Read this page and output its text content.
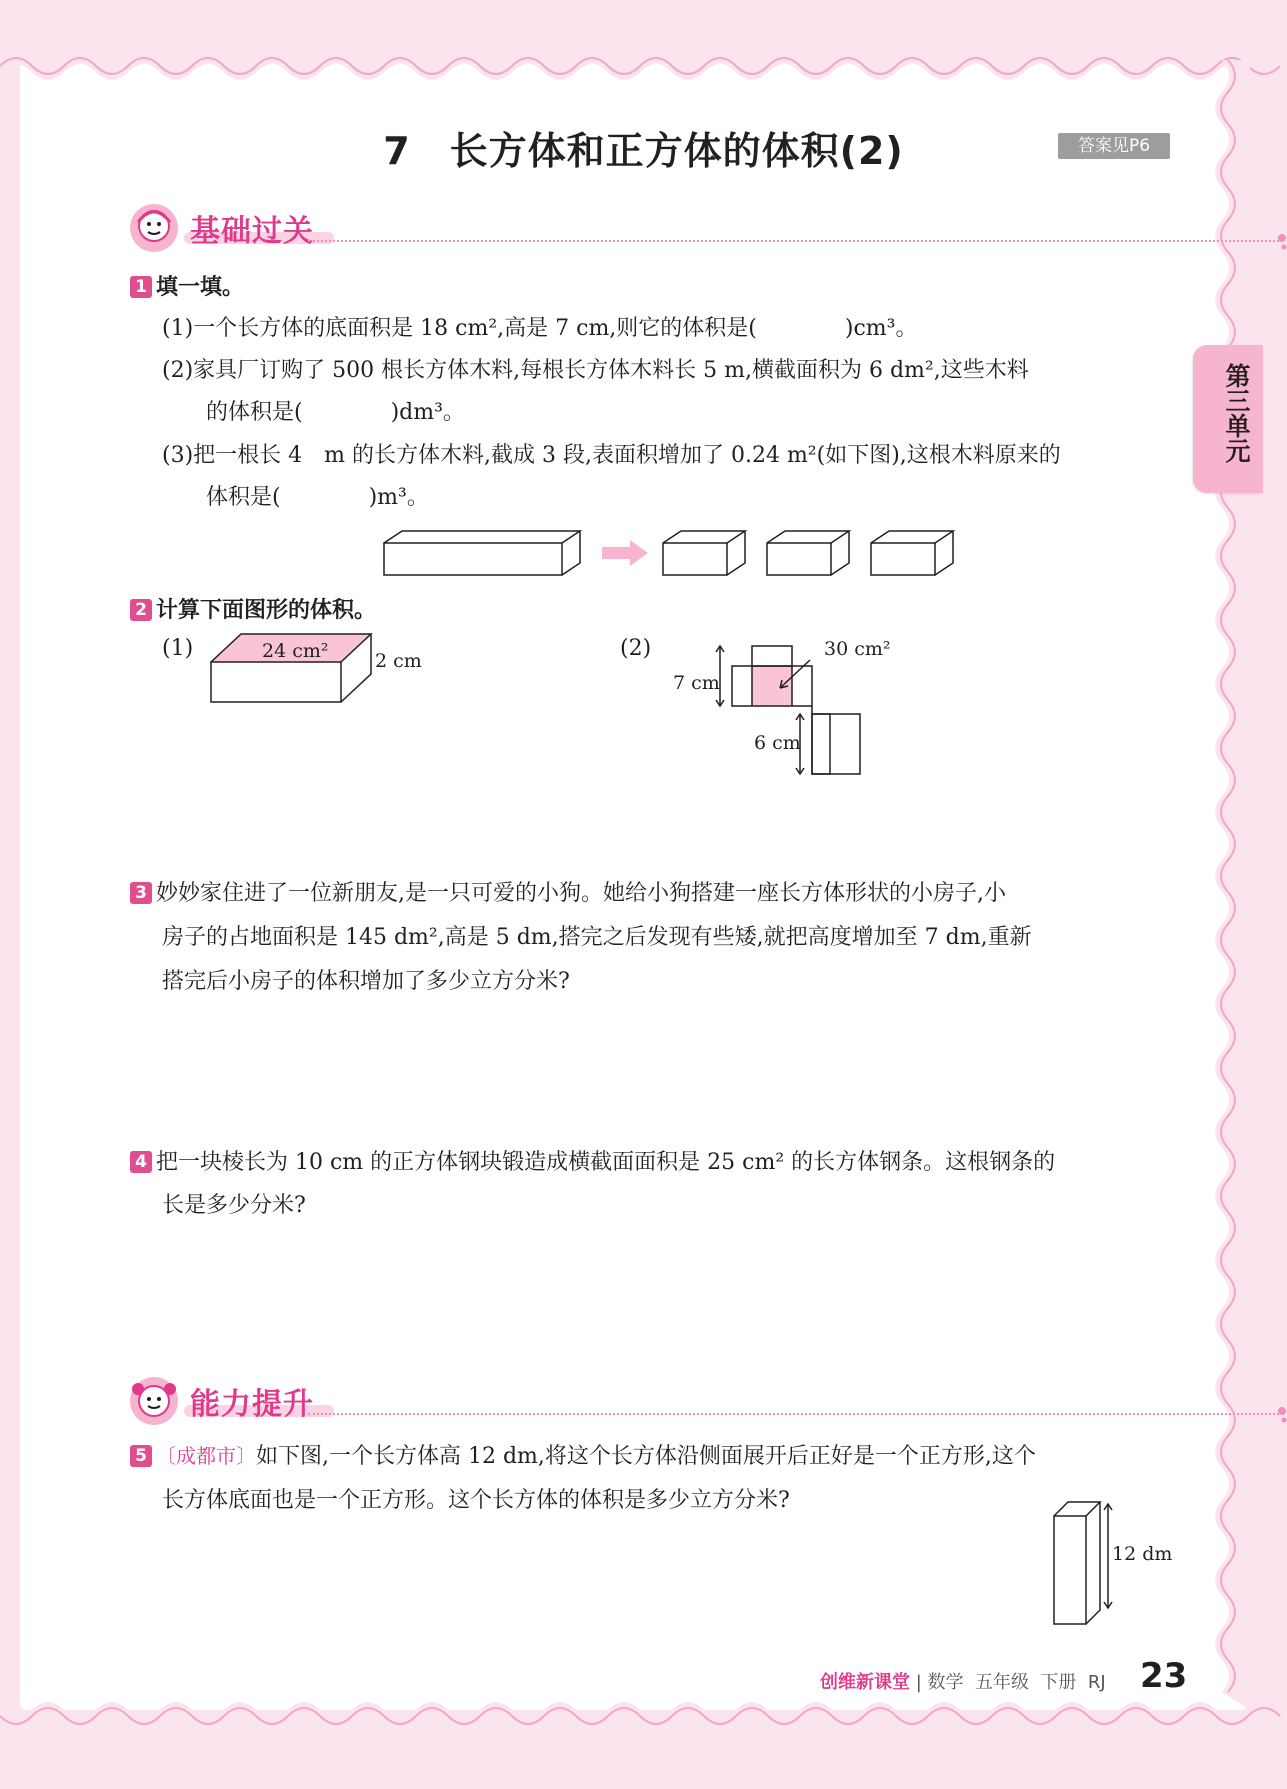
7　长方体和正方体的体积(2)	答案见P6
第三单元
基础过关
1 填一填。
(1)一个长方体的底面积是 18 cm²,高是 7 cm,则它的体积是(　　　　)cm³。
(2)家具厂订购了 500 根长方体木料,每根长方体木料长 5 m,横截面积为 6 dm²,这些木料
　　的体积是(　　　　)dm³。
(3)把一根长 4　m 的长方体木料,截成 3 段,表面积增加了 0.24 m²(如下图),这根木料原来的
　　体积是(　　　　)m³。
2 计算下面图形的体积。
(1)	24 cm² 2 cm	(2)	30 cm²
7 cm
6 cm
3 妙妙家住进了一位新朋友,是一只可爱的小狗。她给小狗搭建一座长方体形状的小房子,小
房子的占地面积是 145 dm²,高是 5 dm,搭完之后发现有些矮,就把高度增加至 7 dm,重新
搭完后小房子的体积增加了多少立方分米?
4 把一块棱长为 10 cm 的正方体钢块锻造成横截面面积是 25 cm² 的长方体钢条。这根钢条的
长是多少分米?
能力提升
5 〔成都市〕如下图,一个长方体高 12 dm,将这个长方体沿侧面展开后正好是一个正方形,这个
长方体底面也是一个正方形。这个长方体的体积是多少立方分米?
12 dm
创维新课堂 | 数学 五年级 下册 RJ 23
